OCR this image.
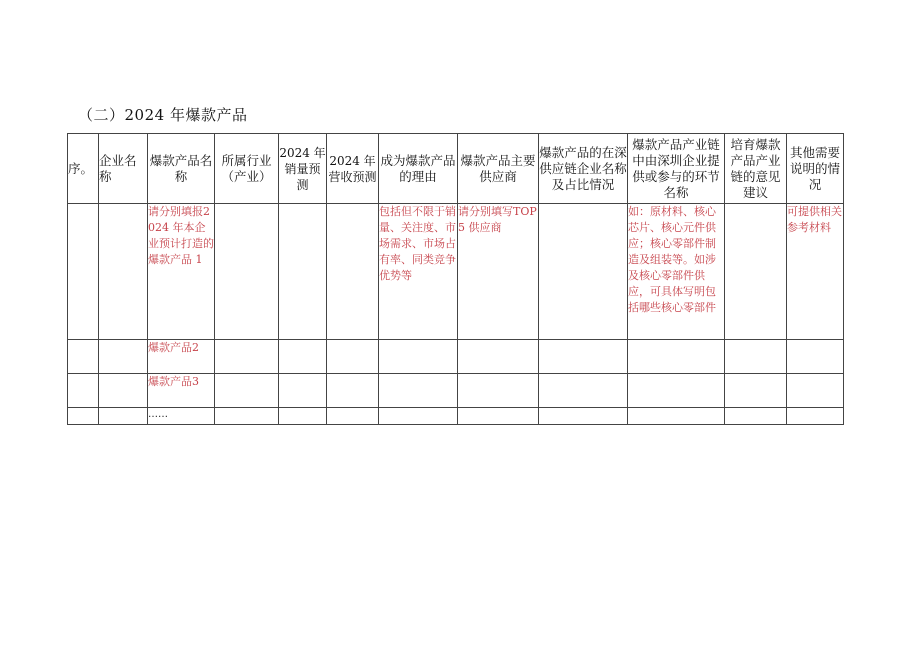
（二）2024 年爆款产品
序。	企业名称	爆款产品名称	所属行业（产业）	2024 年销量预测	2024 年营收预测	成为爆款产品的理由	爆款产品主要供应商	爆款产品的在深供应链企业名称及占比情况	爆款产品产业链中由深圳企业提供或参与的环节名称	培育爆款产品产业链的意见建议	其他需要说明的情况
		请分别填报2024 年本企业预计打造的爆款产品 1				包括但不限于销量、关注度、市场需求、市场占有率、同类竞争优势等	请分别填写TOP5 供应商		如：原材料、核心芯片、核心元件供应；核心零部件制造及组装等。如涉及核心零部件供应，可具体写明包括哪些核心零部件		可提供相关参考材料
		爆款产品2									
		爆款产品3									
		……									
